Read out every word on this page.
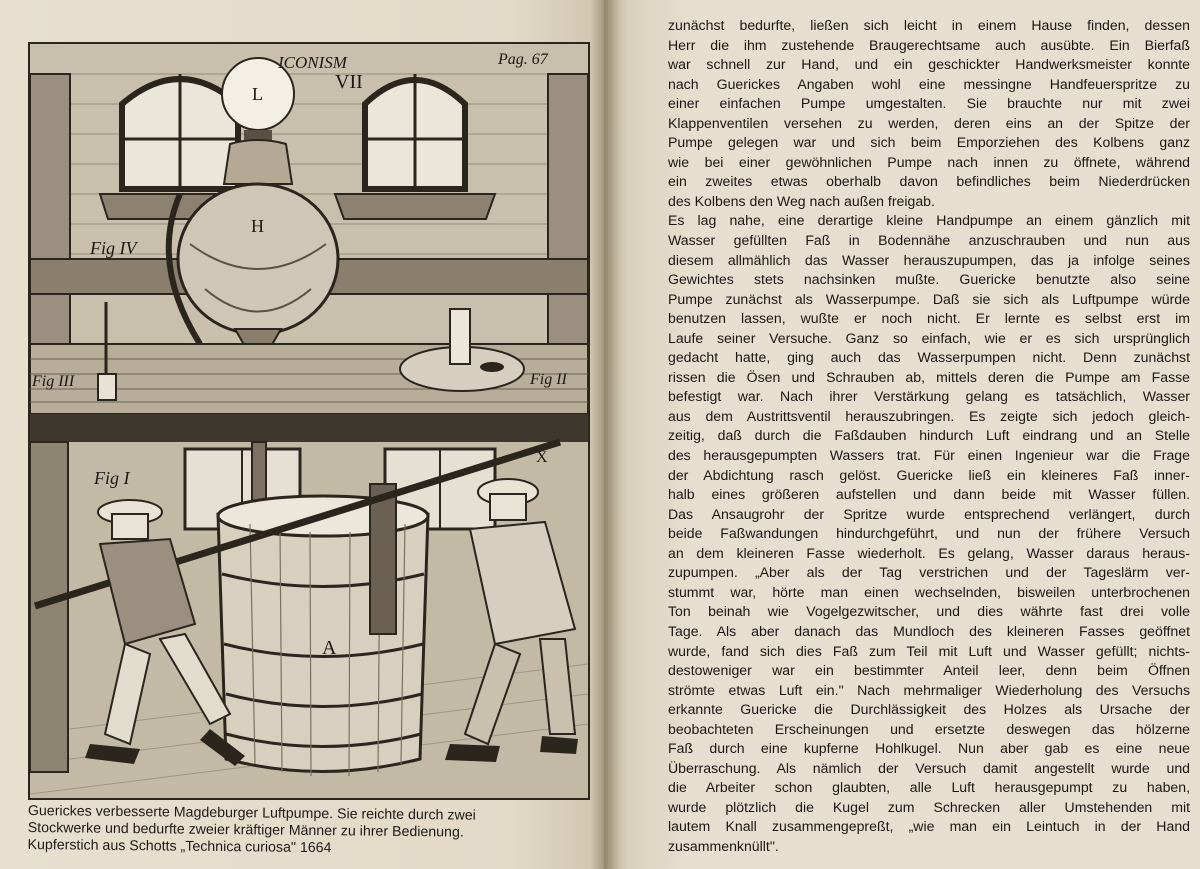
L
H
Fig IV
Fig III	Fig II
A
Fig I
X
ICONISM
VII
Pag. 67
Guerickes verbesserte Magdeburger Luftpumpe. Sie reichte durch zwei
Stockwerke und bedurfte zweier kräftiger Männer zu ihrer Bedienung.
Kupferstich aus Schotts „Technica curiosa" 1664
zunächst bedurfte, ließen sich leicht in einem Hause finden, dessen
Herr die ihm zustehende Braugerechtsame auch ausübte. Ein Bierfaß
war schnell zur Hand, und ein geschickter Handwerksmeister konnte
nach Guerickes Angaben wohl eine messingne Handfeuerspritze zu
einer einfachen Pumpe umgestalten. Sie brauchte nur mit zwei
Klappenventilen versehen zu werden, deren eins an der Spitze der
Pumpe gelegen war und sich beim Emporziehen des Kolbens ganz
wie bei einer gewöhnlichen Pumpe nach innen zu öffnete, während
ein zweites etwas oberhalb davon befindliches beim Niederdrücken
des Kolbens den Weg nach außen freigab.
Es lag nahe, eine derartige kleine Handpumpe an einem gänzlich mit
Wasser gefüllten Faß in Bodennähe anzuschrauben und nun aus
diesem allmählich das Wasser herauszupumpen, das ja infolge seines
Gewichtes stets nachsinken mußte. Guericke benutzte also seine
Pumpe zunächst als Wasserpumpe. Daß sie sich als Luftpumpe würde
benutzen lassen, wußte er noch nicht. Er lernte es selbst erst im
Laufe seiner Versuche. Ganz so einfach, wie er es sich ursprünglich
gedacht hatte, ging auch das Wasserpumpen nicht. Denn zunächst
rissen die Ösen und Schrauben ab, mittels deren die Pumpe am Fasse
befestigt war. Nach ihrer Verstärkung gelang es tatsächlich, Wasser
aus dem Austrittsventil herauszubringen. Es zeigte sich jedoch gleich-
zeitig, daß durch die Faßdauben hindurch Luft eindrang und an Stelle
des herausgepumpten Wassers trat. Für einen Ingenieur war die Frage
der Abdichtung rasch gelöst. Guericke ließ ein kleineres Faß inner-
halb eines größeren aufstellen und dann beide mit Wasser füllen.
Das Ansaugrohr der Spritze wurde entsprechend verlängert, durch
beide Faßwandungen hindurchgeführt, und nun der frühere Versuch
an dem kleineren Fasse wiederholt. Es gelang, Wasser daraus heraus-
zupumpen. „Aber als der Tag verstrichen und der Tageslärm ver-
stummt war, hörte man einen wechselnden, bisweilen unterbrochenen
Ton beinah wie Vogelgezwitscher, und dies währte fast drei volle
Tage. Als aber danach das Mundloch des kleineren Fasses geöffnet
wurde, fand sich dies Faß zum Teil mit Luft und Wasser gefüllt; nichts-
destoweniger war ein bestimmter Anteil leer, denn beim Öffnen
strömte etwas Luft ein." Nach mehrmaliger Wiederholung des Versuchs
erkannte Guericke die Durchlässigkeit des Holzes als Ursache der
beobachteten Erscheinungen und ersetzte deswegen das hölzerne
Faß durch eine kupferne Hohlkugel. Nun aber gab es eine neue
Überraschung. Als nämlich der Versuch damit angestellt wurde und
die Arbeiter schon glaubten, alle Luft herausgepumpt zu haben,
wurde plötzlich die Kugel zum Schrecken aller Umstehenden mit
lautem Knall zusammengepreßt, „wie man ein Leintuch in der Hand
zusammenknüllt".
